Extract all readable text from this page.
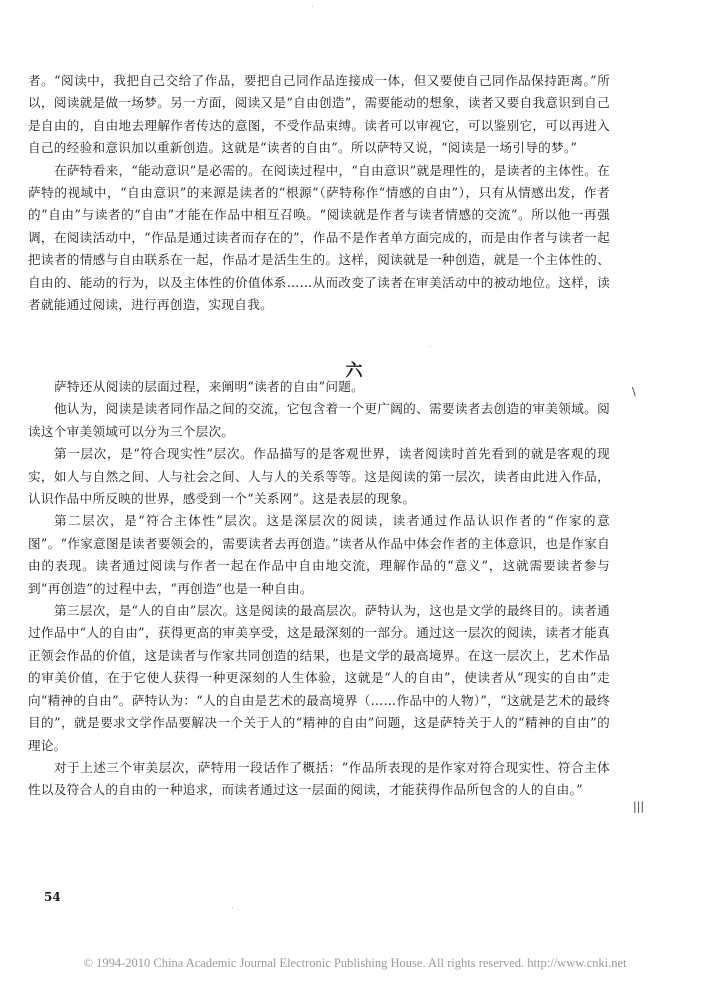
者。“阅读中，我把自己交给了作品，要把自己同作品连接成一体，但又要使自己同作品保持距离。”所以，阅读就是做一场梦。另一方面，阅读又是“自由创造”，需要能动的想象，读者又要自我意识到自己是自由的，自由地去理解作者传达的意图，不受作品束缚。读者可以审视它，可以鉴别它，可以再进入自己的经验和意识加以重新创造。这就是“读者的自由”。所以萨特又说，“阅读是一场引导的梦。”

在萨特看来，“能动意识”是必需的。在阅读过程中，“自由意识”就是理性的，是读者的主体性。在萨特的视域中，“自由意识”的来源是读者的“根源”（萨特称作“情感的自由”），只有从情感出发，作者的“自由”与读者的“自由”才能在作品中相互召唤。“阅读就是作者与读者情感的交流”。所以他一再强调，在阅读活动中，“作品是通过读者而存在的”，作品不是作者单方面完成的，而是由作者与读者一起把读者的情感与自由联系在一起，作品才是活生生的。这样，阅读就是一种创造，就是一个主体性的、自由的、能动的行为，以及主体性的价值体系……从而改变了读者在审美活动中的被动地位。这样，读者就能通过阅读，进行再创造，实现自我。

六

萨特还从阅读的层面过程，来阐明“读者的自由”问题。

他认为，阅读是读者同作品之间的交流，它包含着一个更广阔的、需要读者去创造的审美领域。阅读这个审美领域可以分为三个层次。

第一层次，是“符合现实性”层次。作品描写的是客观世界，读者阅读时首先看到的就是客观的现实，如人与自然之间、人与社会之间、人与人的关系等等。这是阅读的第一层次，读者由此进入作品，认识作品中所反映的世界，感受到一个“关系网”。这是表层的现象。

第二层次，是“符合主体性”层次。这是深层次的阅读，读者通过作品认识作者的“作家的意图”。“作家意图是读者要领会的，需要读者去再创造。”读者从作品中体会作者的主体意识，也是作家自由的表现。读者通过阅读与作者一起在作品中自由地交流，理解作品的“意义”，这就需要读者参与到“再创造”的过程中去，“再创造”也是一种自由。

第三层次，是“人的自由”层次。这是阅读的最高层次。萨特认为，这也是文学的最终目的。读者通过作品中“人的自由”，获得更高的审美享受，这是最深刻的一部分。通过这一层次的阅读，读者才能真正领会作品的价值，这是读者与作家共同创造的结果，也是文学的最高境界。在这一层次上，艺术作品的审美价值，在于它使人获得一种更深刻的人生体验，这就是“人的自由”，使读者从“现实的自由”走向“精神的自由”。萨特认为：“人的自由是艺术的最高境界（……作品中的人物）”，“这就是艺术的最终目的”，就是要求文学作品要解决一个关于人的“精神的自由”问题，这是萨特关于人的“精神的自由”的理论。

对于上述三个审美层次，萨特用一段话作了概括：“作品所表现的是作家对符合现实性、符合主体性以及符合人的自由的一种追求，而读者通过这一层面的阅读，才能获得作品所包含的人的自由。”

\
|||
54
© 1994-2010 China Academic Journal Electronic Publishing House. All rights reserved. http://www.cnki.net
